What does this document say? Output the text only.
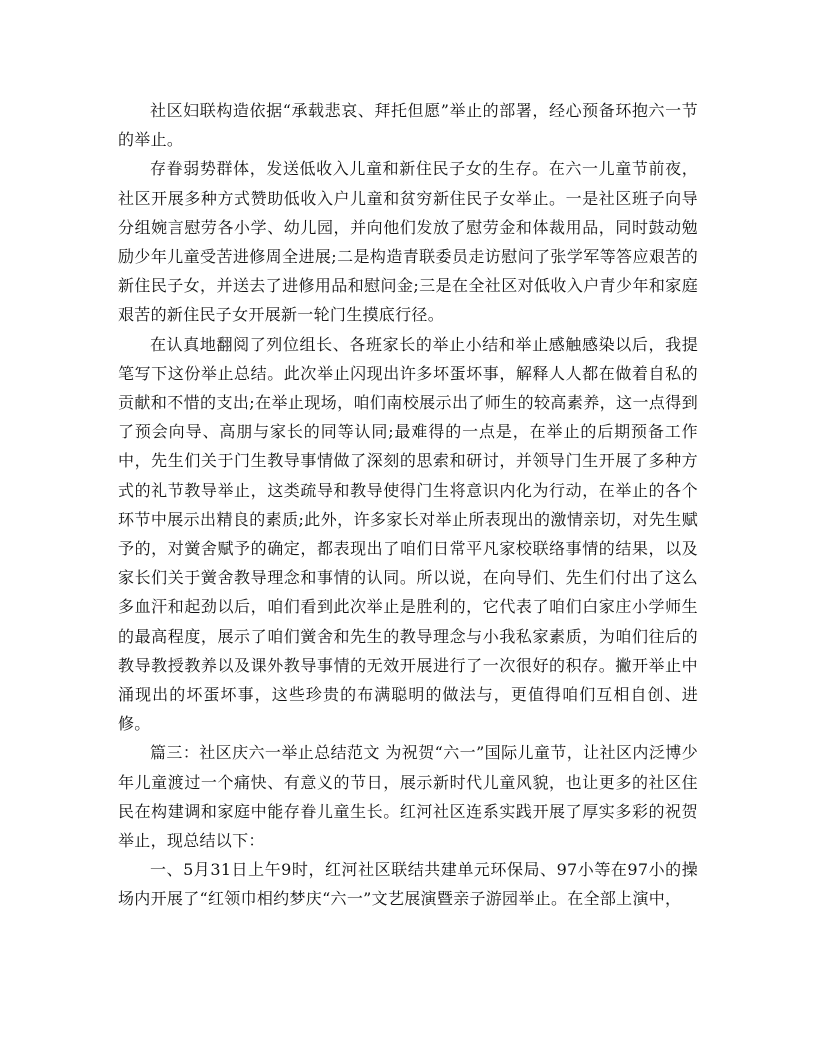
社区妇联构造依据“承载悲哀、拜托但愿”举止的部署，经心预备环抱六一节的举止。

存眷弱势群体，发送低收入儿童和新住民子女的生存。在六一儿童节前夜，社区开展多种方式赞助低收入户儿童和贫穷新住民子女举止。一是社区班子向导分组婉言慰劳各小学、幼儿园，并向他们发放了慰劳金和体裁用品，同时鼓动勉励少年儿童受苦进修周全进展;二是构造青联委员走访慰问了张学军等答应艰苦的新住民子女，并送去了进修用品和慰问金;三是在全社区对低收入户青少年和家庭艰苦的新住民子女开展新一轮门生摸底行径。

在认真地翻阅了列位组长、各班家长的举止小结和举止感触感染以后，我提笔写下这份举止总结。此次举止闪现出许多坏蛋坏事，解释人人都在做着自私的贡献和不惜的支出;在举止现场，咱们南校展示出了师生的较高素养，这一点得到了预会向导、高朋与家长的同等认同;最难得的一点是，在举止的后期预备工作中，先生们关于门生教导事情做了深刻的思索和研讨，并领导门生开展了多种方式的礼节教导举止，这类疏导和教导使得门生将意识内化为行动，在举止的各个环节中展示出精良的素质;此外，许多家长对举止所表现出的激情亲切，对先生赋予的，对黉舍赋予的确定，都表现出了咱们日常平凡家校联络事情的结果，以及家长们关于黉舍教导理念和事情的认同。所以说，在向导们、先生们付出了这么多血汗和起劲以后，咱们看到此次举止是胜利的，它代表了咱们白家庄小学师生的最高程度，展示了咱们黉舍和先生的教导理念与小我私家素质，为咱们往后的教导教授教养以及课外教导事情的无效开展进行了一次很好的积存。撇开举止中涌现出的坏蛋坏事，这些珍贵的布满聪明的做法与，更值得咱们互相自创、进修。

篇三：社区庆六一举止总结范文 为祝贺“六一”国际儿童节，让社区内泛博少年儿童渡过一个痛快、有意义的节日，展示新时代儿童风貌，也让更多的社区住民在构建调和家庭中能存眷儿童生长。红河社区连系实践开展了厚实多彩的祝贺举止，现总结以下：

一、5月31日上午9时，红河社区联结共建单元环保局、97小等在97小的操场内开展了“红领巾相约梦庆“六一”文艺展演暨亲子游园举止。在全部上演中，
